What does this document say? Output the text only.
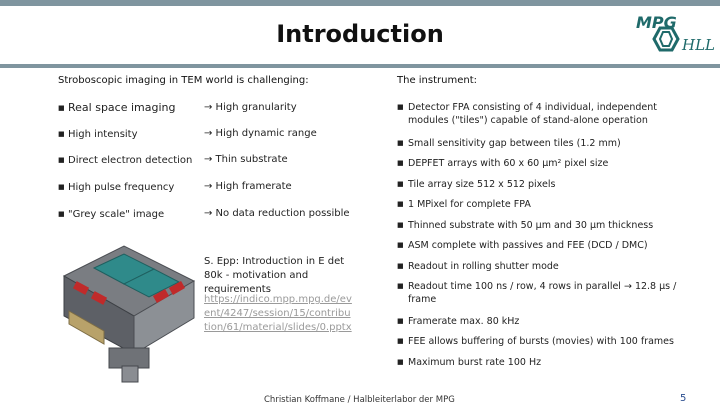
Introduction	MPG
HLL
Stroboscopic imaging in TEM world is challenging:	The instrument:
■ Real space imaging	→ High granularity
■ High intensity	→ High dynamic range
■ Direct electron detection → Thin substrate
■ High pulse frequency	→ High framerate
■ "Grey scale" image	→ No data reduction possible
S. Epp: Introduction in E det 80k - motivation and requirements
https://indico.mpp.mpg.de/event/4247/session/15/contribution/61/material/slides/0.pptx
■ Detector FPA consisting of 4 individual, independent modules ("tiles") capable of stand-alone operation
■ Small sensitivity gap between tiles (1.2 mm)
■ DEPFET arrays with 60 x 60 µm² pixel size
■ Tile array size 512 x 512 pixels
■ 1 MPixel for complete FPA
■ Thinned substrate with 50 µm and 30 µm thickness
■ ASM complete with passives and FEE (DCD / DMC)
■ Readout in rolling shutter mode
■ Readout time 100 ns / row, 4 rows in parallel → 12.8 µs / frame
■ Framerate max. 80 kHz
■ FEE allows buffering of bursts (movies) with 100 frames
■ Maximum burst rate 100 Hz
Christian Koffmane / Halbleiterlabor der MPG	5
